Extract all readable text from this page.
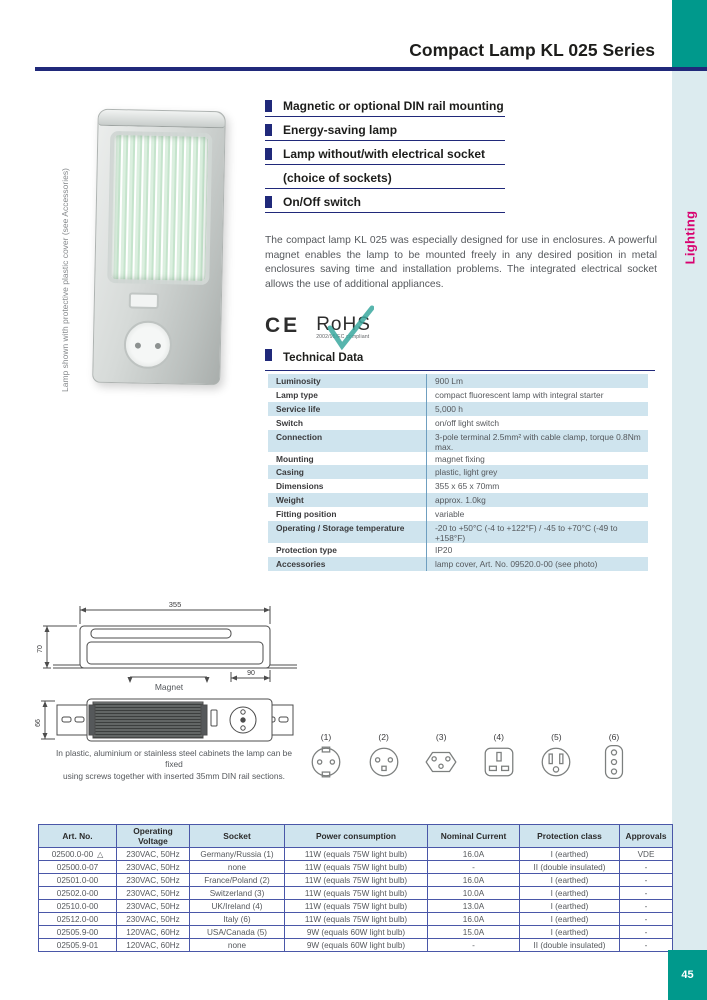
Lighting
45
Compact Lamp KL 025 Series
Lamp shown with protective plastic cover (see Accessories)
Magnetic or optional DIN rail mounting
Energy-saving lamp
Lamp without/with electrical socket
(choice of sockets)
On/Off switch
The compact lamp KL 025 was especially designed for use in enclosures. A powerful magnet enables the lamp to be mounted freely in any desired position in metal enclosures saving time and installation problems. The integrated electrical socket allows the use of additional appliances.
CE RoHS
2002/95/EC compliant
Technical Data
Luminosity	900 Lm
Lamp type	compact fluorescent lamp with integral starter
Service life	5,000 h
Switch	on/off light switch
Connection	3-pole terminal 2.5mm² with cable clamp, torque 0.8Nm max.
Mounting	magnet fixing
Casing	plastic, light grey
Dimensions	355 x 65 x 70mm
Weight	approx. 1.0kg
Fitting position	variable
Operating / Storage temperature	-20 to +50°C (-4 to +122°F) / -45 to +70°C (-49 to +158°F)
Protection type	IP20
Accessories	lamp cover, Art. No. 09520.0-00 (see photo)
355
70
90
Magnet
66
In plastic, aluminium or stainless steel cabinets the lamp can be fixed
using screws together with inserted 35mm DIN rail sections.
(1)	(2)	(3)	(4)	(5)	(6)
Art. No.	Operating Voltage	Socket	Power consumption	Nominal Current	Protection class	Approvals
02500.0-00 △	230VAC, 50Hz	Germany/Russia (1)	11W (equals 75W light bulb)	16.0A	I (earthed)	VDE
02500.0-07	230VAC, 50Hz	none	11W (equals 75W light bulb)	-	II (double insulated)	-
02501.0-00	230VAC, 50Hz	France/Poland (2)	11W (equals 75W light bulb)	16.0A	I (earthed)	-
02502.0-00	230VAC, 50Hz	Switzerland (3)	11W (equals 75W light bulb)	10.0A	I (earthed)	-
02510.0-00	230VAC, 50Hz	UK/Ireland (4)	11W (equals 75W light bulb)	13.0A	I (earthed)	-
02512.0-00	230VAC, 50Hz	Italy (6)	11W (equals 75W light bulb)	16.0A	I (earthed)	-
02505.9-00	120VAC, 60Hz	USA/Canada (5)	9W (equals 60W light bulb)	15.0A	I (earthed)	-
02505.9-01	120VAC, 60Hz	none	9W (equals 60W light bulb)	-	II (double insulated)	-
